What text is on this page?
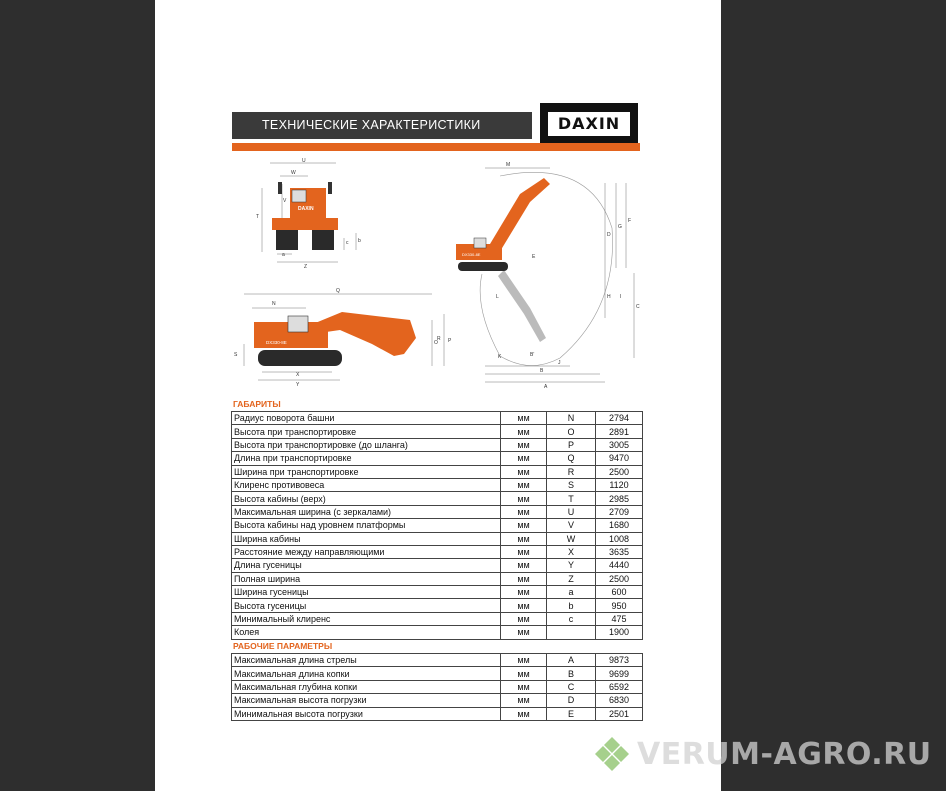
ТЕХНИЧЕСКИЕ ХАРАКТЕРИСТИКИ	DAXIN
U
W
V
T
b
c
a
Z
DAXIN
N
Q
R P
O
S
X
Y
DX330-8E
M
D
F
G
E
H
C
I
L
K	B'
B
A
J
DX330-8E
ГАБАРИТЫ
Радиус поворота башни	мм	N	2794
Высота при транспортировке	мм	O	2891
Высота при транспортировке (до шланга)	мм	P	3005
Длина при транспортировке	мм	Q	9470
Ширина при транспортировке	мм	R	2500
Клиренс противовеса	мм	S	1120
Высота кабины (верх)	мм	T	2985
Максимальная ширина (с зеркалами)	мм	U	2709
Высота кабины над уровнем платформы	мм	V	1680
Ширина кабины	мм	W	1008
Расстояние между направляющими	мм	X	3635
Длина гусеницы	мм	Y	4440
Полная ширина	мм	Z	2500
Ширина гусеницы	мм	a	600
Высота гусеницы	мм	b	950
Минимальный клиренс	мм	c	475
Колея	мм		1900
РАБОЧИЕ ПАРАМЕТРЫ
Максимальная длина стрелы	мм	A	9873
Максимальная длина копки	мм	B	9699
Максимальная глубина копки	мм	C	6592
Максимальная высота погрузки	мм	D	6830
Минимальная высота погрузки	мм	E	2501
VERUM-AGRO.RU
